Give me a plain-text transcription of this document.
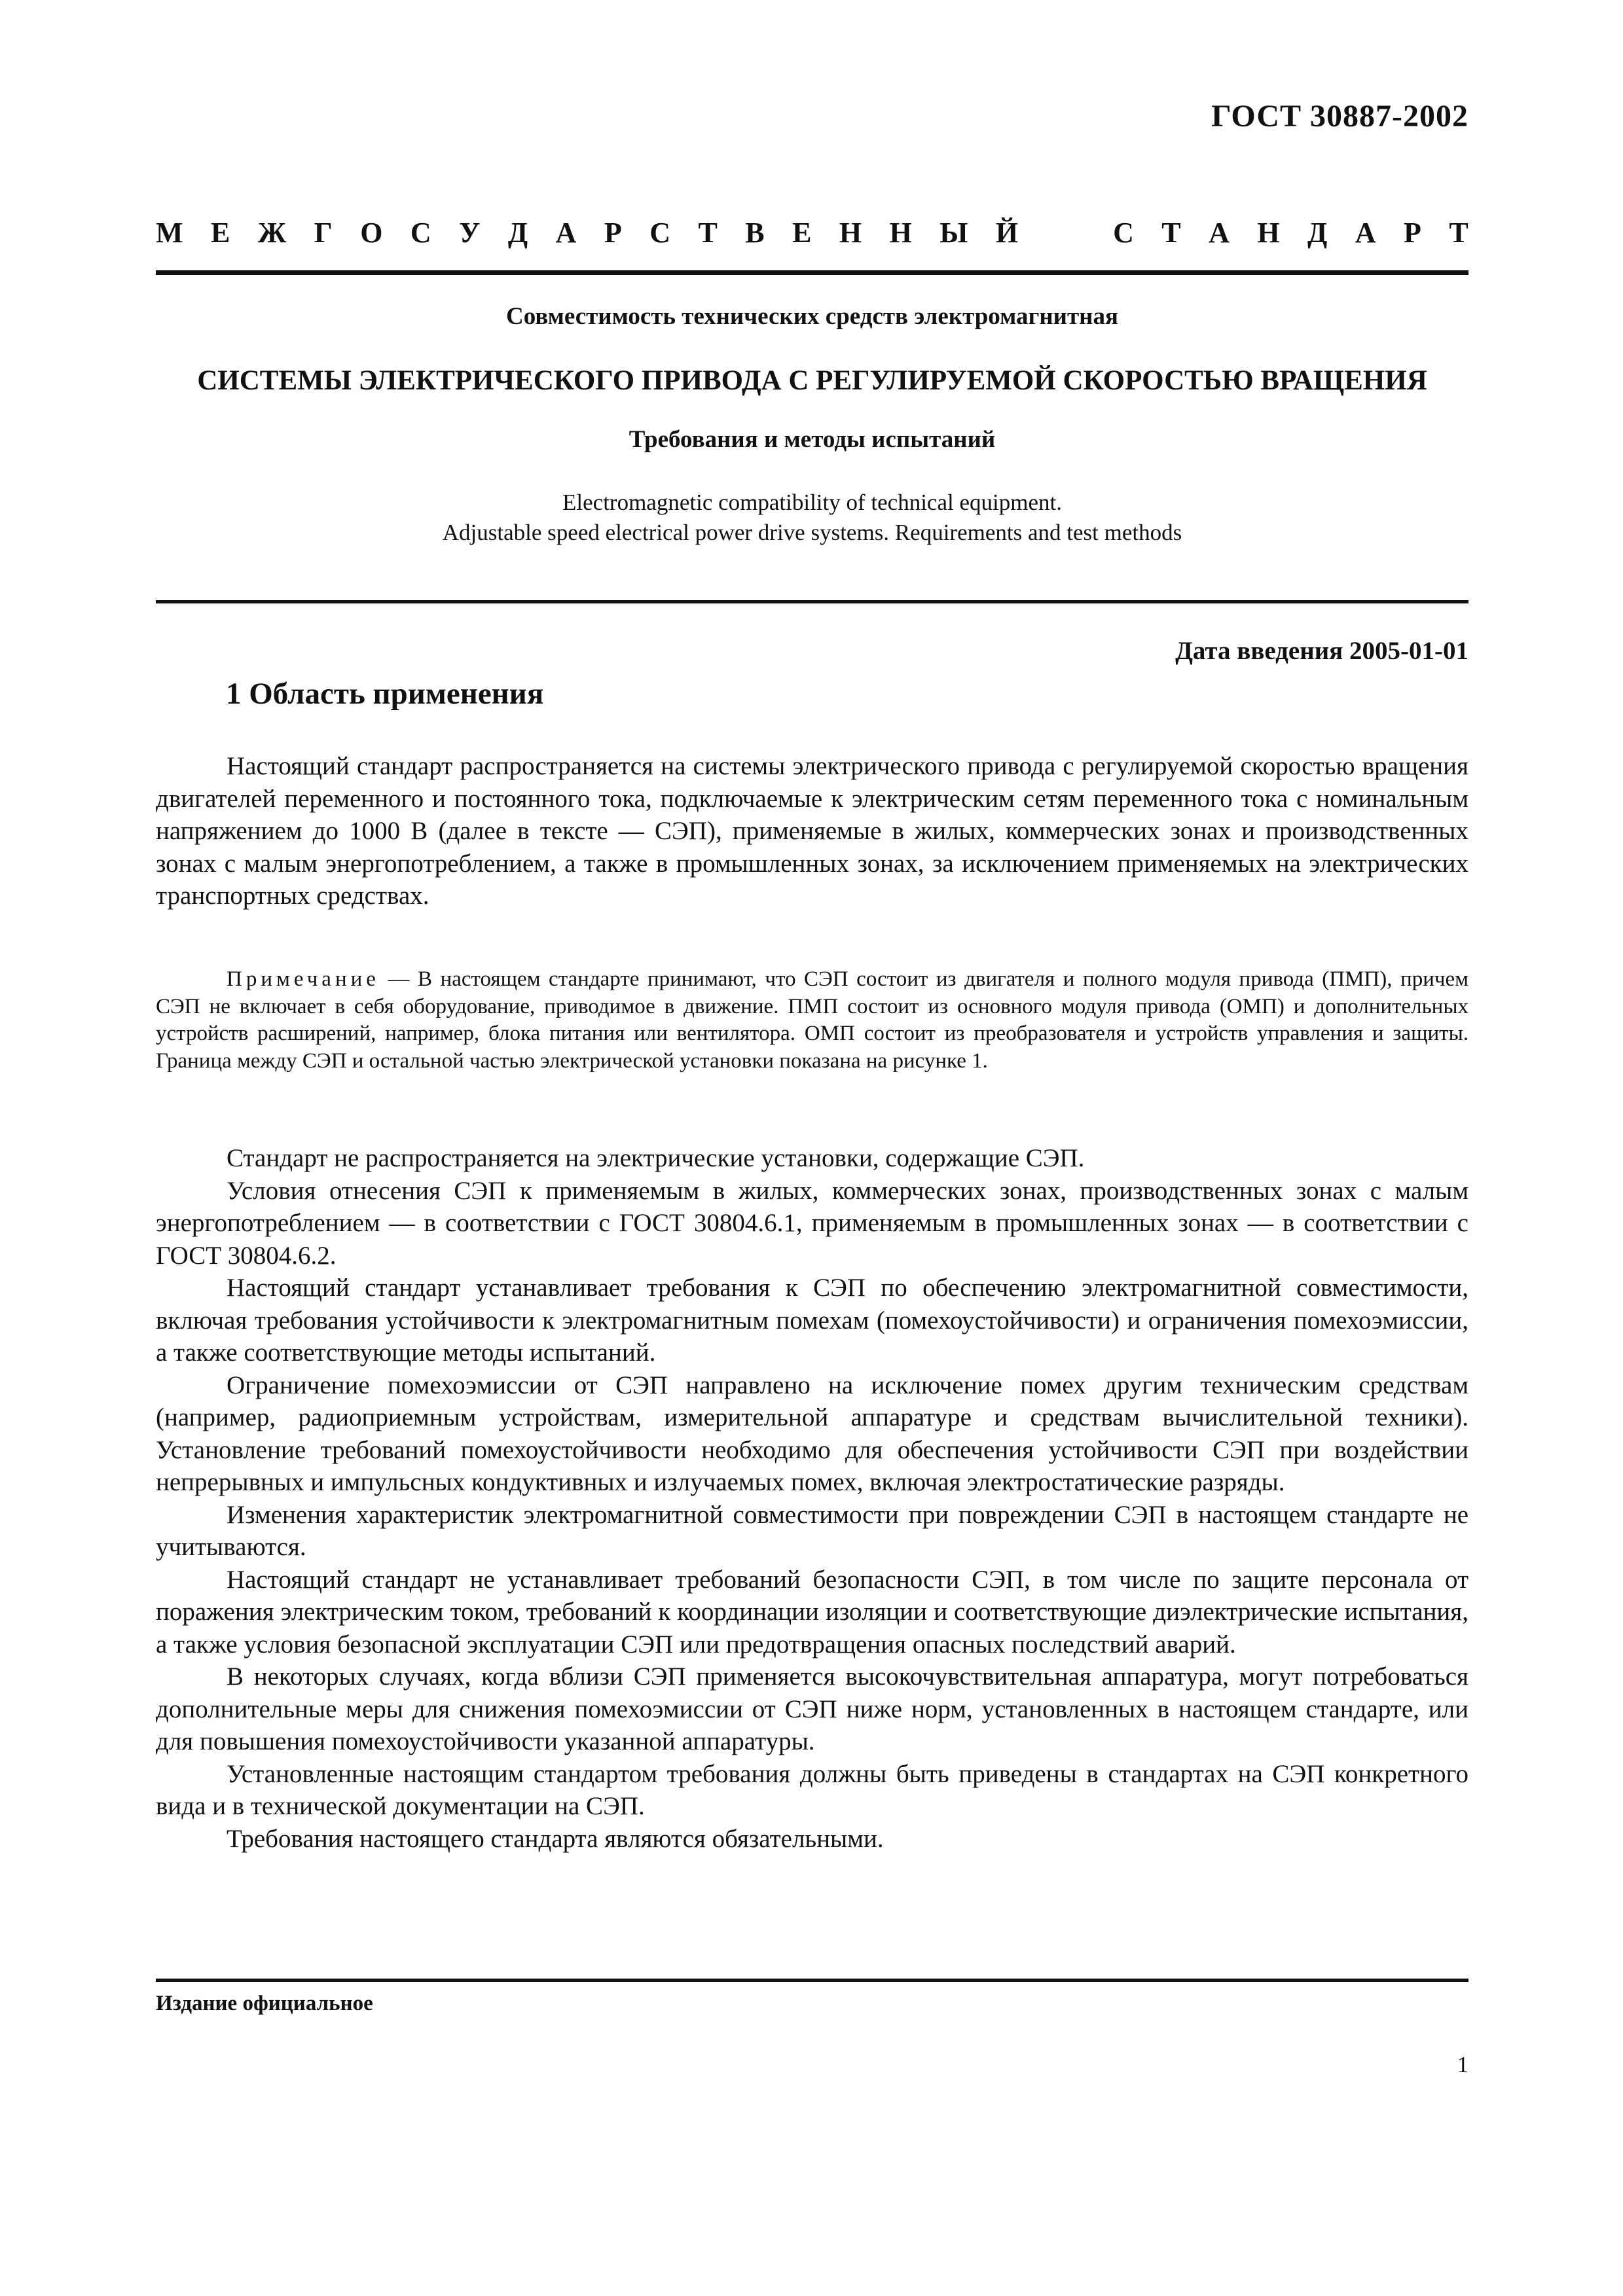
ГОСТ 30887-2002
М Е Ж Г О С У Д А Р С Т В Е Н Н Ы Й	С Т А Н Д А Р Т
Совместимость технических средств электромагнитная
СИСТЕМЫ ЭЛЕКТРИЧЕСКОГО ПРИВОДА С РЕГУЛИРУЕМОЙ СКОРОСТЬЮ ВРАЩЕНИЯ
Требования и методы испытаний
Electromagnetic compatibility of technical equipment.
Adjustable speed electrical power drive systems. Requirements and test methods
Дата введения 2005-01-01
1 Область применения

Настоящий стандарт распространяется на системы электрического привода с регулируемой скоростью вращения двигателей переменного и постоянного тока, подключаемые к электрическим сетям переменного тока с номинальным напряжением до 1000 В (далее в тексте — СЭП), применяемые в жилых, коммерческих зонах и производственных зонах с малым энергопотреблением, а также в промышленных зонах, за исключением применяемых на электрических транспортных средствах.

Примечание — В настоящем стандарте принимают, что СЭП состоит из двигателя и полного модуля привода (ПМП), причем СЭП не включает в себя оборудование, приводимое в движение. ПМП состоит из основного модуля привода (ОМП) и дополнительных устройств расширений, например, блока питания или вентилятора. ОМП состоит из преобразователя и устройств управления и защиты. Граница между СЭП и остальной частью электрической установки показана на рисунке 1.

Стандарт не распространяется на электрические установки, содержащие СЭП.

Условия отнесения СЭП к применяемым в жилых, коммерческих зонах, производственных зонах с малым энергопотреблением — в соответствии с ГОСТ 30804.6.1, применяемым в промышленных зонах — в соответствии с ГОСТ 30804.6.2.

Настоящий стандарт устанавливает требования к СЭП по обеспечению электромагнитной совместимости, включая требования устойчивости к электромагнитным помехам (помехоустойчивости) и ограничения помехоэмиссии, а также соответствующие методы испытаний.

Ограничение помехоэмиссии от СЭП направлено на исключение помех другим техническим средствам (например, радиоприемным устройствам, измерительной аппаратуре и средствам вычислительной техники). Установление требований помехоустойчивости необходимо для обеспечения устойчивости СЭП при воздействии непрерывных и импульсных кондуктивных и излучаемых помех, включая электростатические разряды.

Изменения характеристик электромагнитной совместимости при повреждении СЭП в настоящем стандарте не учитываются.

Настоящий стандарт не устанавливает требований безопасности СЭП, в том числе по защите персонала от поражения электрическим током, требований к координации изоляции и соответствующие диэлектрические испытания, а также условия безопасной эксплуатации СЭП или предотвращения опасных последствий аварий.

В некоторых случаях, когда вблизи СЭП применяется высокочувствительная аппаратура, могут потребоваться дополнительные меры для снижения помехоэмиссии от СЭП ниже норм, установленных в настоящем стандарте, или для повышения помехоустойчивости указанной аппаратуры.

Установленные настоящим стандартом требования должны быть приведены в стандартах на СЭП конкретного вида и в технической документации на СЭП.

Требования настоящего стандарта являются обязательными.

Издание официальное
1
